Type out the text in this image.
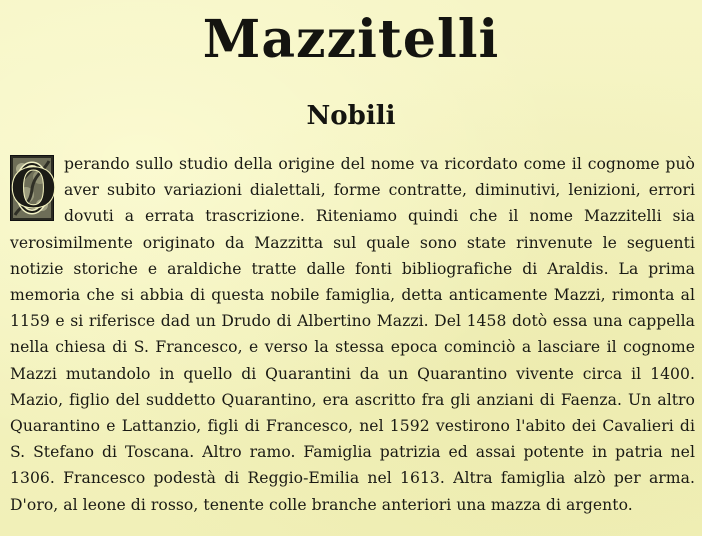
Mazzitelli
Nobili
O perando sullo studio della origine del nome va ricordato come il cognome può aver subito variazioni dialettali, forme contratte, diminutivi, lenizioni, errori dovuti a errata trascrizione. Riteniamo quindi che il nome Mazzitelli sia verosimilmente originato da Mazzitta sul quale sono state rinvenute le seguenti notizie storiche e araldiche tratte dalle fonti bibliografiche di Araldis. La prima memoria che si abbia di questa nobile famiglia, detta anticamente Mazzi, rimonta al 1159 e si riferisce dad un Drudo di Albertino Mazzi. Del 1458 dotò essa una cappella nella chiesa di S. Francesco, e verso la stessa epoca cominciò a lasciare il cognome Mazzi mutandolo in quello di Quarantini da un Quarantino vivente circa il 1400. Mazio, figlio del suddetto Quarantino, era ascritto fra gli anziani di Faenza. Un altro Quarantino e Lattanzio, figli di Francesco, nel 1592 vestirono l'abito dei Cavalieri di S. Stefano di Toscana. Altro ramo. Famiglia patrizia ed assai potente in patria nel 1306. Francesco podestà di Reggio-Emilia nel 1613. Altra famiglia alzò per arma. D'oro, al leone di rosso, tenente colle branche anteriori una mazza di argento.
